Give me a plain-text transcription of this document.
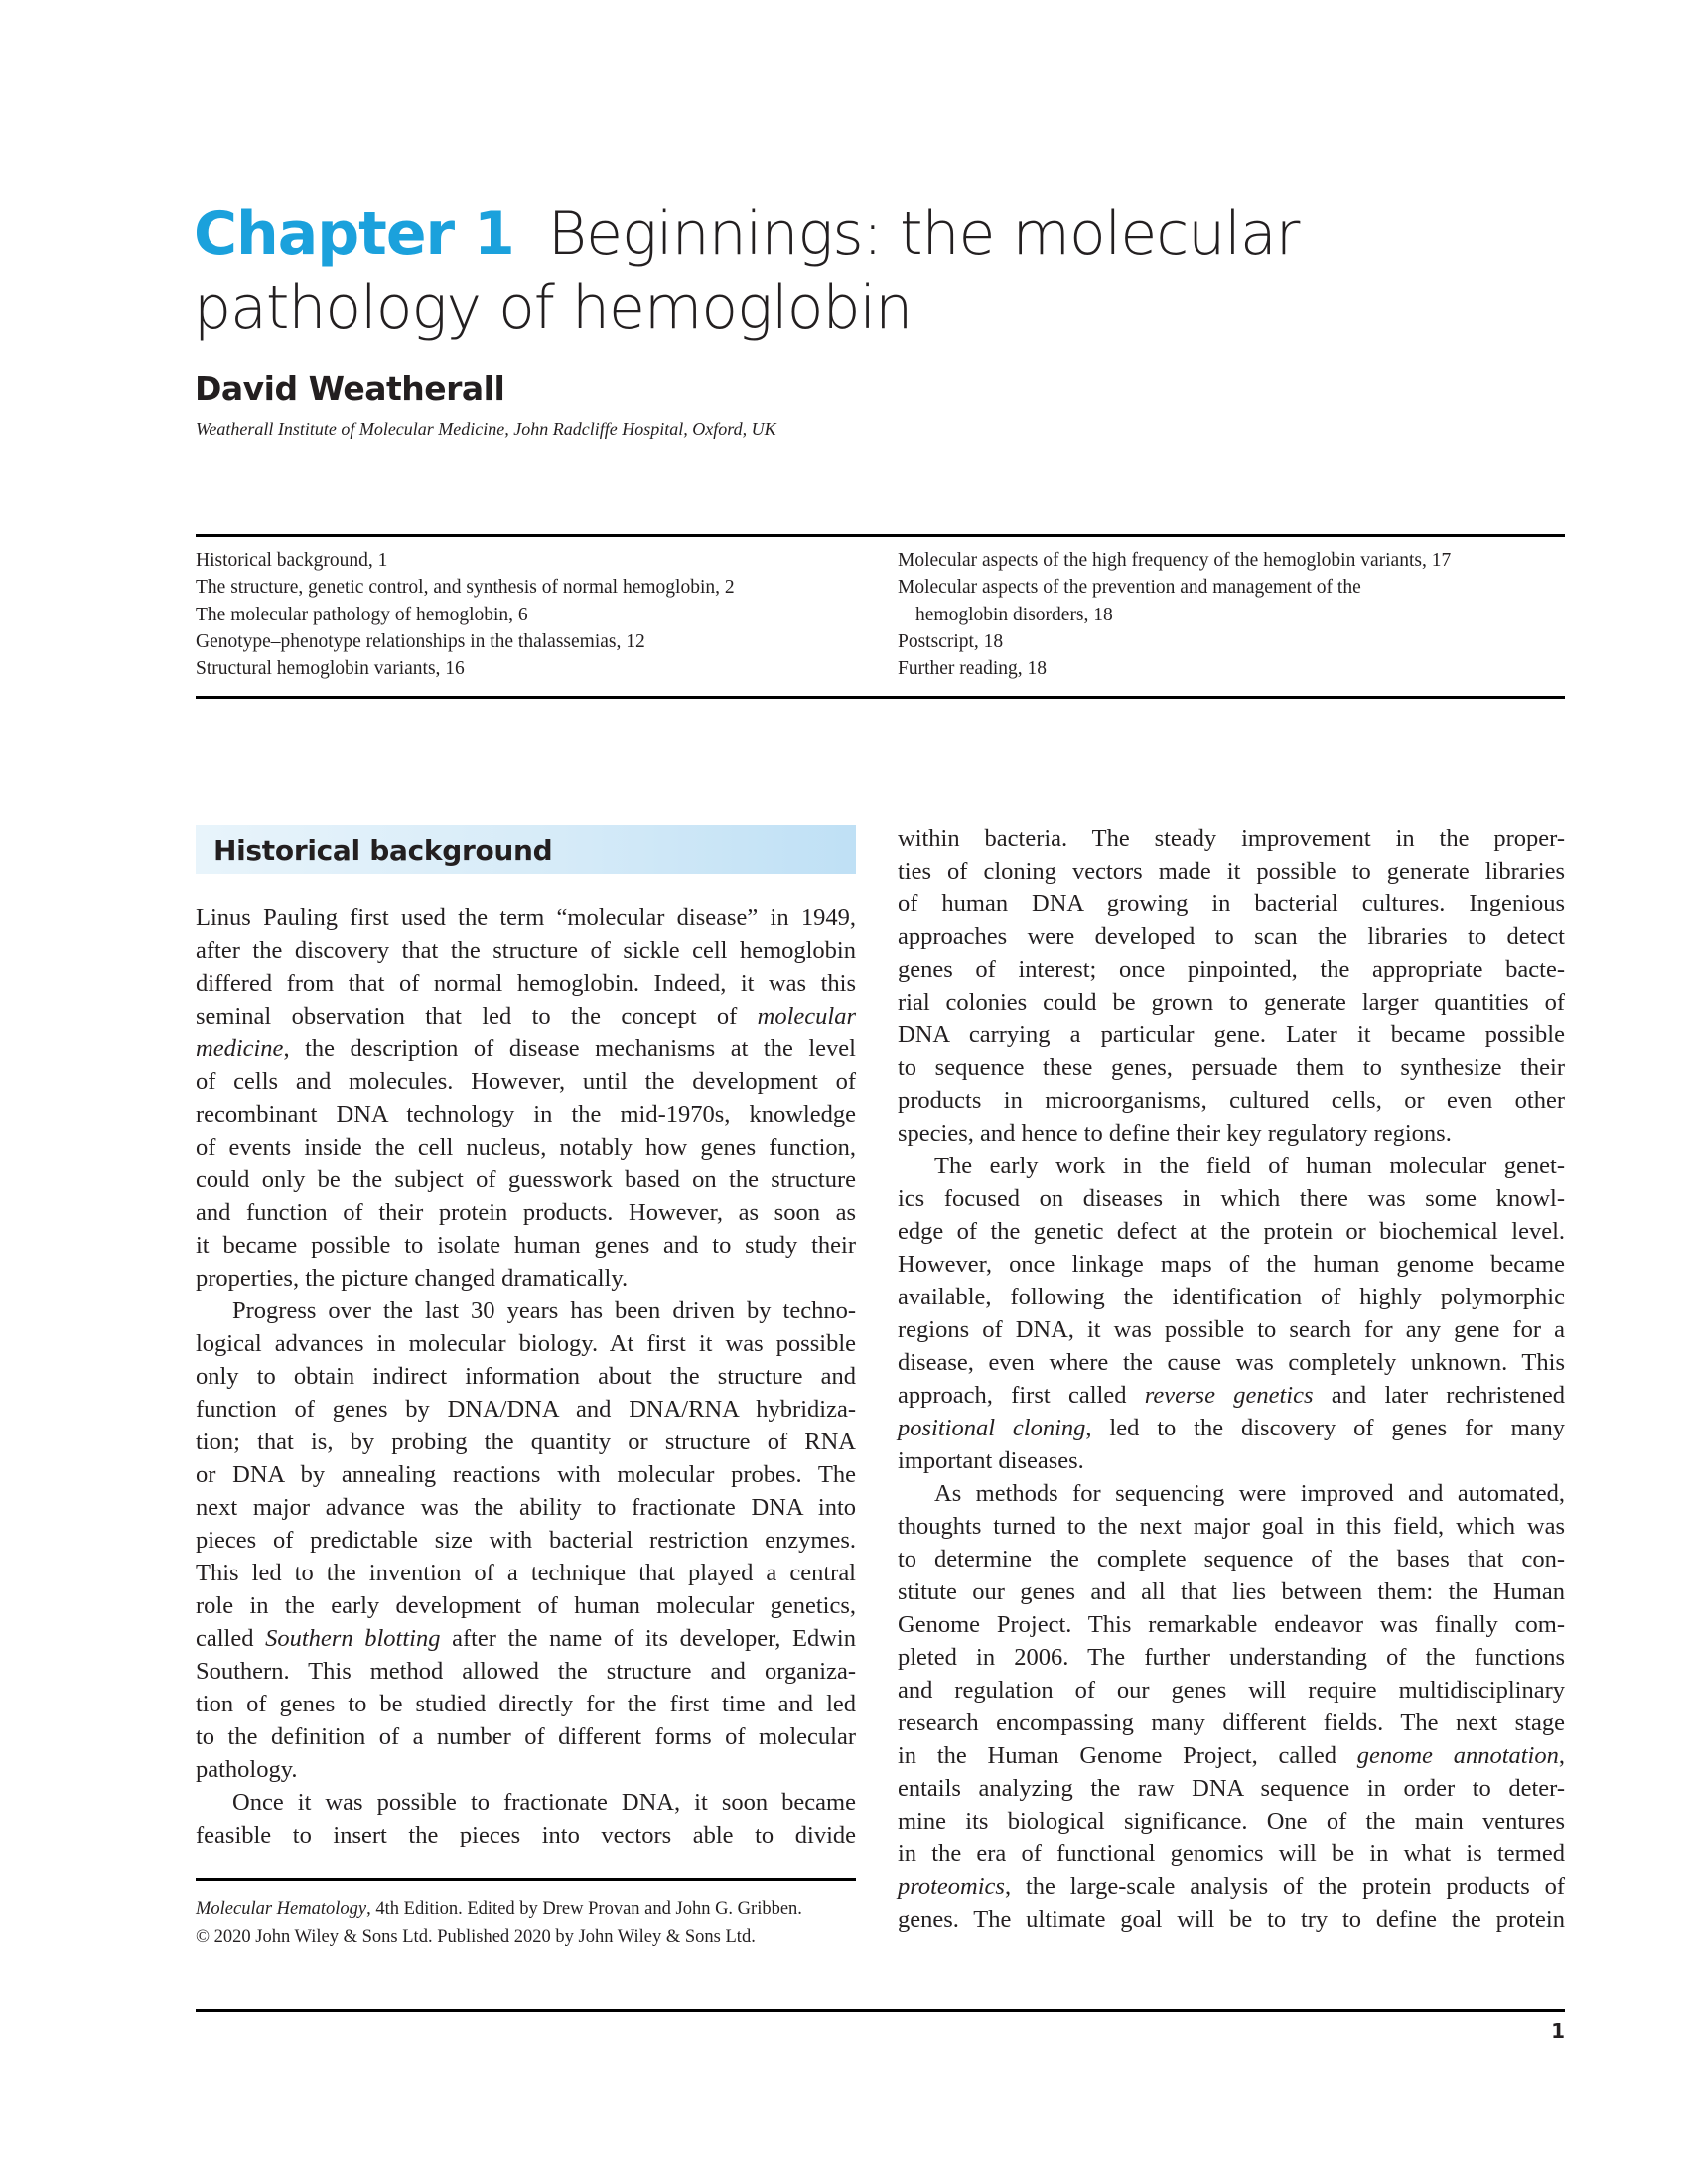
Chapter 1 Beginnings: the molecular
pathology of hemoglobin
David Weatherall
Weatherall Institute of Molecular Medicine, John Radcliffe Hospital, Oxford, UK
Historical background, 1
The structure, genetic control, and synthesis of normal hemoglobin, 2
The molecular pathology of hemoglobin, 6
Genotype–phenotype relationships in the thalassemias, 12
Structural hemoglobin variants, 16
Molecular aspects of the high frequency of the hemoglobin variants, 17
Molecular aspects of the prevention and management of the
hemoglobin disorders, 18
Postscript, 18
Further reading, 18
Historical background
Linus Pauling first used the term “molecular disease” in 1949,
after the discovery that the structure of sickle cell hemoglobin
differed from that of normal hemoglobin. Indeed, it was this
seminal observation that led to the concept of molecular
medicine, the description of disease mechanisms at the level
of cells and molecules. However, until the development of
recombinant DNA technology in the mid-1970s, knowledge
of events inside the cell nucleus, notably how genes function,
could only be the subject of guesswork based on the structure
and function of their protein products. However, as soon as
it became possible to isolate human genes and to study their
properties, the picture changed dramatically.
Progress over the last 30 years has been driven by techno-
logical advances in molecular biology. At first it was possible
only to obtain indirect information about the structure and
function of genes by DNA/DNA and DNA/RNA hybridiza-
tion; that is, by probing the quantity or structure of RNA
or DNA by annealing reactions with molecular probes. The
next major advance was the ability to fractionate DNA into
pieces of predictable size with bacterial restriction enzymes.
This led to the invention of a technique that played a central
role in the early development of human molecular genetics,
called Southern blotting after the name of its developer, Edwin
Southern. This method allowed the structure and organiza-
tion of genes to be studied directly for the first time and led
to the definition of a number of different forms of molecular
pathology.
Once it was possible to fractionate DNA, it soon became
feasible to insert the pieces into vectors able to divide
within bacteria. The steady improvement in the proper-
ties of cloning vectors made it possible to generate libraries
of human DNA growing in bacterial cultures. Ingenious
approaches were developed to scan the libraries to detect
genes of interest; once pinpointed, the appropriate bacte-
rial colonies could be grown to generate larger quantities of
DNA carrying a particular gene. Later it became possible
to sequence these genes, persuade them to synthesize their
products in microorganisms, cultured cells, or even other
species, and hence to define their key regulatory regions.
The early work in the field of human molecular genet-
ics focused on diseases in which there was some knowl-
edge of the genetic defect at the protein or biochemical level.
However, once linkage maps of the human genome became
available, following the identification of highly polymorphic
regions of DNA, it was possible to search for any gene for a
disease, even where the cause was completely unknown. This
approach, first called reverse genetics and later rechristened
positional cloning, led to the discovery of genes for many
important diseases.
As methods for sequencing were improved and automated,
thoughts turned to the next major goal in this field, which was
to determine the complete sequence of the bases that con-
stitute our genes and all that lies between them: the Human
Genome Project. This remarkable endeavor was finally com-
pleted in 2006. The further understanding of the functions
and regulation of our genes will require multidisciplinary
research encompassing many different fields. The next stage
in the Human Genome Project, called genome annotation,
entails analyzing the raw DNA sequence in order to deter-
mine its biological significance. One of the main ventures
in the era of functional genomics will be in what is termed
proteomics, the large-scale analysis of the protein products of
genes. The ultimate goal will be to try to define the protein
Molecular Hematology, 4th Edition. Edited by Drew Provan and John G. Gribben.
© 2020 John Wiley & Sons Ltd. Published 2020 by John Wiley & Sons Ltd.
1
